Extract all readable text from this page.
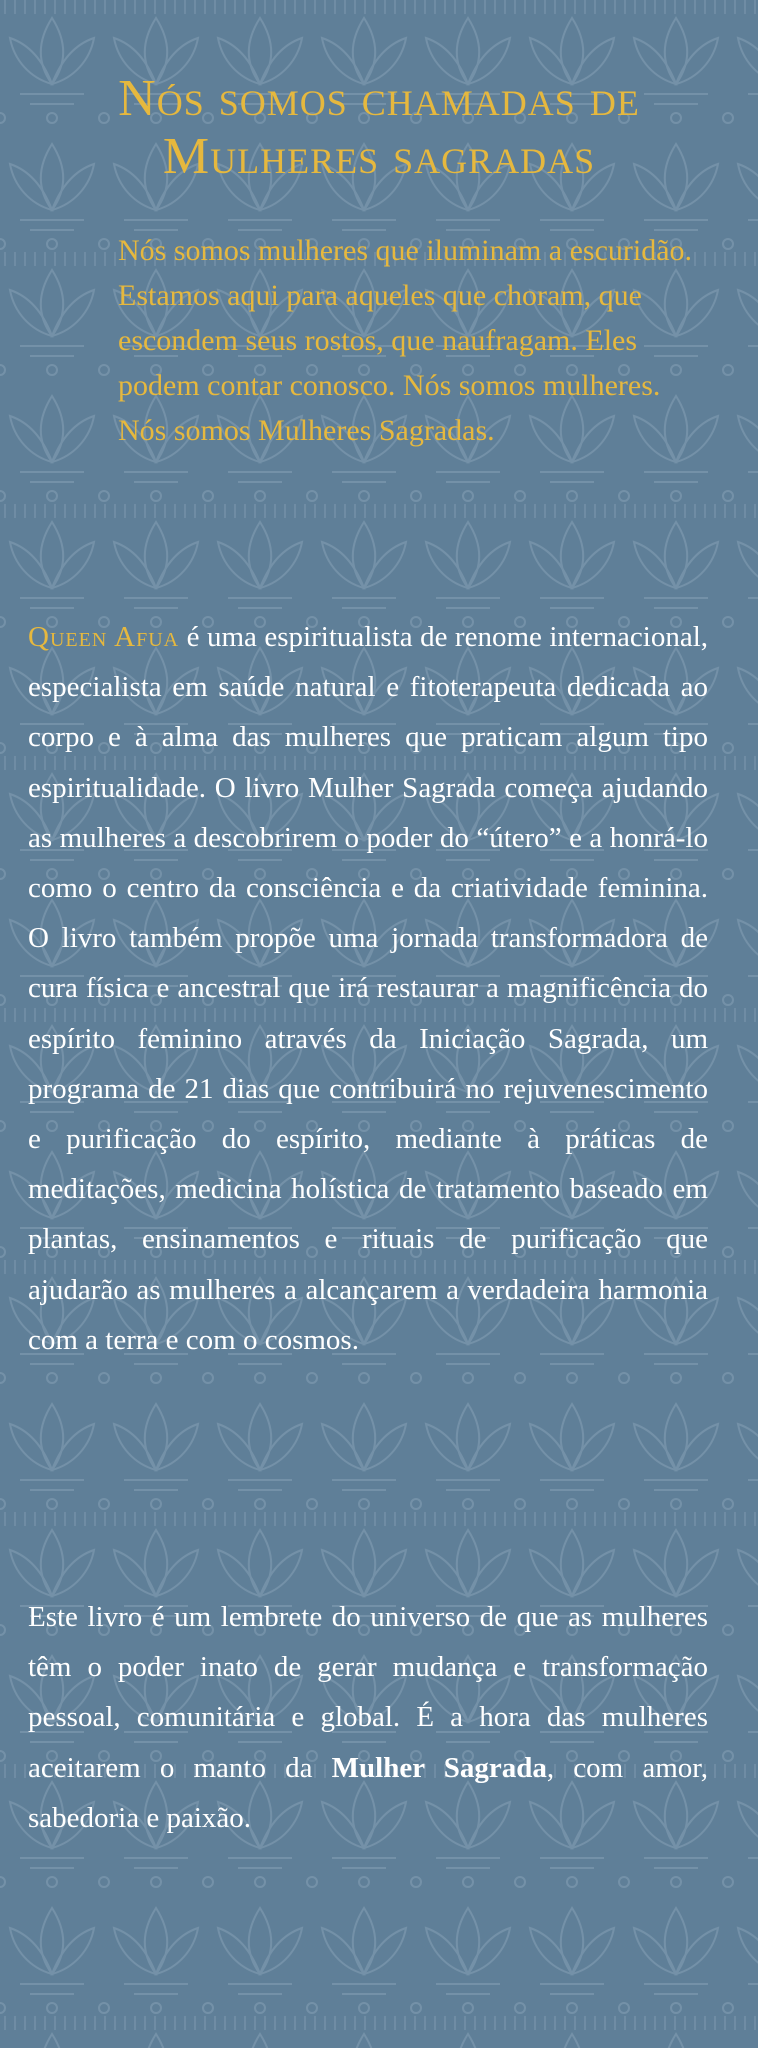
Nós somos chamadas de
Mulheres sagradas

Nós somos mulheres que iluminam a escuridão. Estamos aqui para aqueles que choram, que escondem seus rostos, que naufragam. Eles podem contar conosco. Nós somos mulheres. Nós somos Mulheres Sagradas.

Queen Afua é uma espiritualista de renome internacional, especialista em saúde natural e fitoterapeuta dedicada ao corpo e à alma das mulheres que praticam algum tipo espiritualidade. O livro Mulher Sagrada começa ajudando as mulheres a descobrirem o poder do “útero” e a honrá-lo como o centro da consciência e da criatividade feminina. O livro também propõe uma jornada transformadora de cura física e ancestral que irá restaurar a magnificência do espírito feminino através da Iniciação Sagrada, um programa de 21 dias que contribuirá no rejuvenescimento e purificação do espírito, mediante à práticas de meditações, medicina holística de tratamento baseado em plantas, ensinamentos e rituais de purificação que ajudarão as mulheres a alcançarem a verdadeira harmonia com a terra e com o cosmos.

Este livro é um lembrete do universo de que as mulheres têm o poder inato de gerar mudança e transformação pessoal, comunitária e global. É a hora das mulheres aceitarem o manto da Mulher Sagrada, com amor, sabedoria e paixão.
